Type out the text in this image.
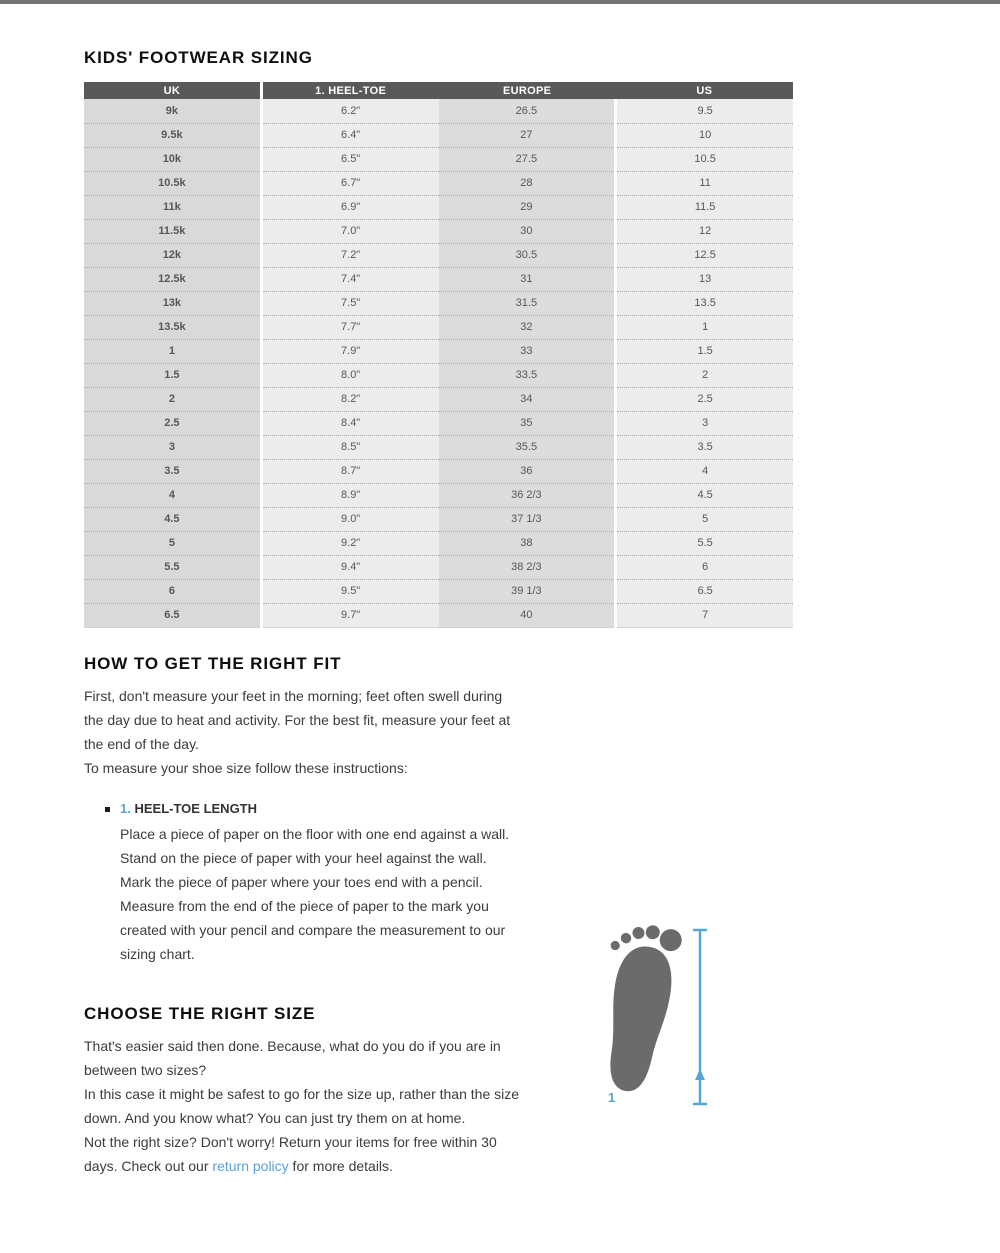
KIDS' FOOTWEAR SIZING
UK	1. HEEL-TOE	EUROPE	US
9k	6.2"	26.5	9.5
9.5k	6.4"	27	10
10k	6.5"	27.5	10.5
10.5k	6.7"	28	11
11k	6.9"	29	11.5
11.5k	7.0"	30	12
12k	7.2"	30.5	12.5
12.5k	7.4"	31	13
13k	7.5"	31.5	13.5
13.5k	7.7"	32	1
1	7.9"	33	1.5
1.5	8.0"	33.5	2
2	8.2"	34	2.5
2.5	8.4"	35	3
3	8.5"	35.5	3.5
3.5	8.7"	36	4
4	8.9"	36 2/3	4.5
4.5	9.0"	37 1/3	5
5	9.2"	38	5.5
5.5	9.4"	38 2/3	6
6	9.5"	39 1/3	6.5
6.5	9.7"	40	7
HOW TO GET THE RIGHT FIT
First, don't measure your feet in the morning; feet often swell during
the day due to heat and activity. For the best fit, measure your feet at
the end of the day.
To measure your shoe size follow these instructions:
1. HEEL-TOE LENGTH
Place a piece of paper on the floor with one end against a wall.
Stand on the piece of paper with your heel against the wall.
Mark the piece of paper where your toes end with a pencil.
Measure from the end of the piece of paper to the mark you
created with your pencil and compare the measurement to our
sizing chart.
1
CHOOSE THE RIGHT SIZE
That's easier said then done. Because, what do you do if you are in
between two sizes?
In this case it might be safest to go for the size up, rather than the size
down. And you know what? You can just try them on at home.
Not the right size? Don't worry! Return your items for free within 30
days. Check out our return policy for more details.
